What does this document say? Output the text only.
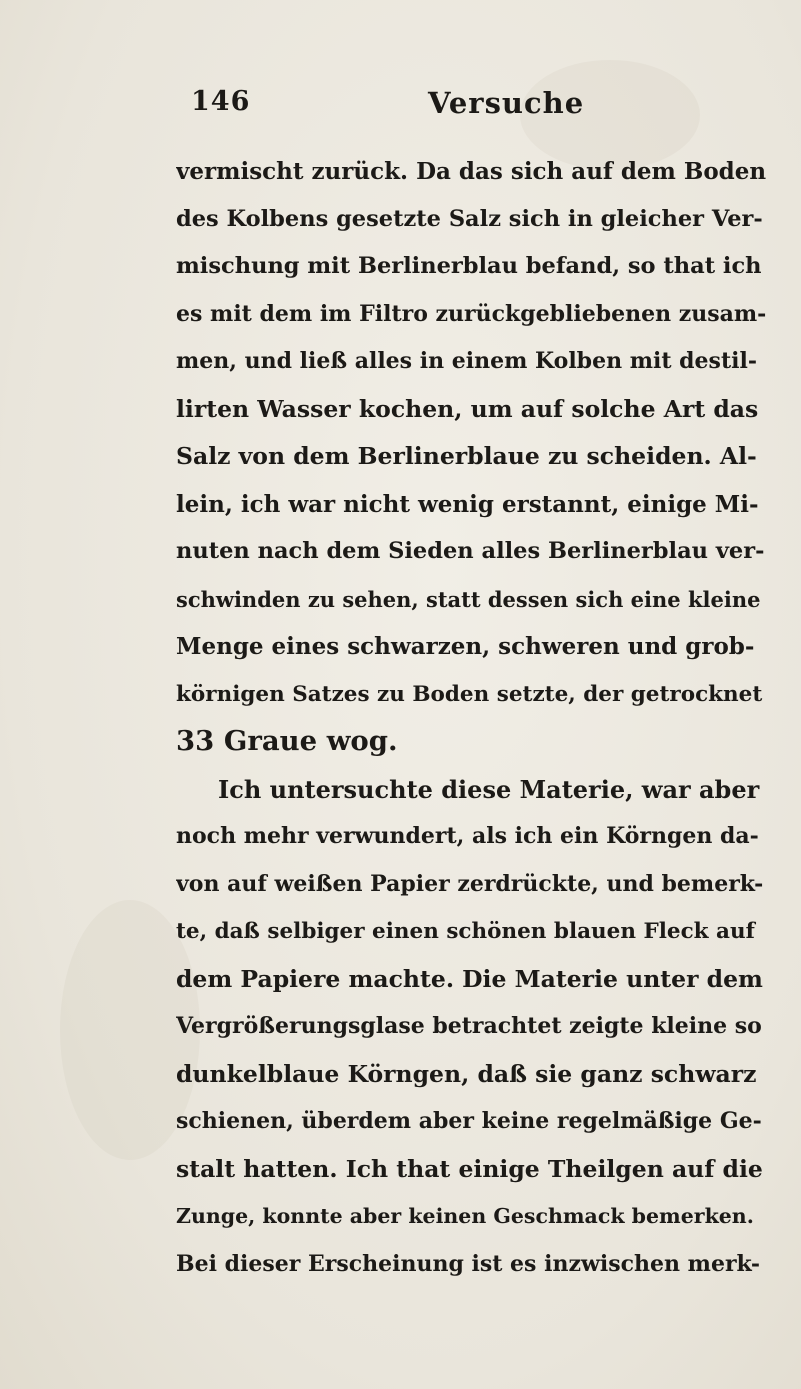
146	Versuche
vermischt zurück. Da das sich auf dem Boden
des Kolbens gesetzte Salz sich in gleicher Ver-
mischung mit Berlinerblau befand, so that ich
es mit dem im Filtro zurückgebliebenen zusam-
men, und ließ alles in einem Kolben mit destil-
lirten Wasser kochen, um auf solche Art das
Salz von dem Berlinerblaue zu scheiden. Al-
lein, ich war nicht wenig erstannt, einige Mi-
nuten nach dem Sieden alles Berlinerblau ver-
schwinden zu sehen, statt dessen sich eine kleine
Menge eines schwarzen, schweren und grob-
körnigen Satzes zu Boden setzte, der getrocknet
33 Graue wog.
Ich untersuchte diese Materie, war aber
noch mehr verwundert, als ich ein Körngen da-
von auf weißen Papier zerdrückte, und bemerk-
te, daß selbiger einen schönen blauen Fleck auf
dem Papiere machte. Die Materie unter dem
Vergrößerungsglase betrachtet zeigte kleine so
dunkelblaue Körngen, daß sie ganz schwarz
schienen, überdem aber keine regelmäßige Ge-
stalt hatten. Ich that einige Theilgen auf die
Zunge, konnte aber keinen Geschmack bemerken.
Bei dieser Erscheinung ist es inzwischen merk-
